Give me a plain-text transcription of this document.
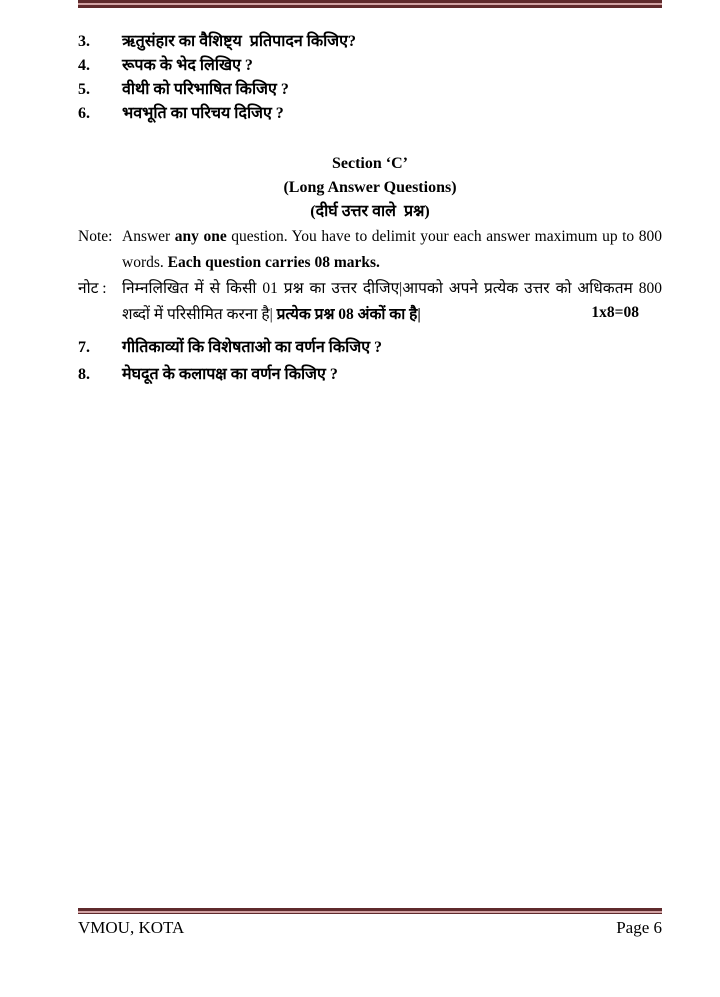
3.	ऋतुसंहार का वैशिष्ट्य  प्रतिपादन किजिए?
4.	रूपक के भेद लिखिए ?
5.	वीथी को परिभाषित किजिए ?
6.	भवभूति का परिचय दिजिए ?
Section ‘C’
(Long Answer Questions)
(दीर्घ उत्तर वाले  प्रश्न)
Note: Answer any one question. You have to delimit your each answer maximum up to 800 words. Each question carries 08 marks.
नोट : निम्नलिखित में से किसी 01 प्रश्न का उत्तर दीजिए|आपको अपने प्रत्येक उत्तर को अधिकतम 800 शब्दों में परिसीमित करना है| प्रत्येक प्रश्न 08 अंकों का है|	1x8=08
7.	गीतिकाव्यों कि विशेषताओ का वर्णन किजिए ?
8.	मेघदूत के कलापक्ष का वर्णन किजिए ?
VMOU, KOTA	Page 6
